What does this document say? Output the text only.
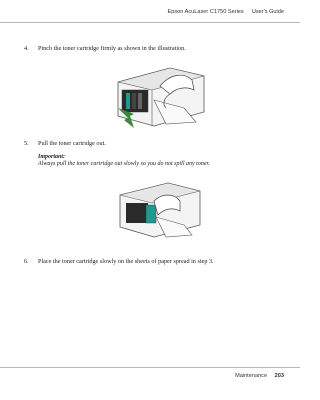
Epson AcuLaser C1750 Series User's Guide
4. Pinch the toner cartridge firmly as shown in the illustration.
5. Pull the toner cartridge out.
Important:
Always pull the toner cartridge out slowly so you do not spill any toner.
6. Place the toner cartridge slowly on the sheets of paper spread in step 3.
Maintenance 203
